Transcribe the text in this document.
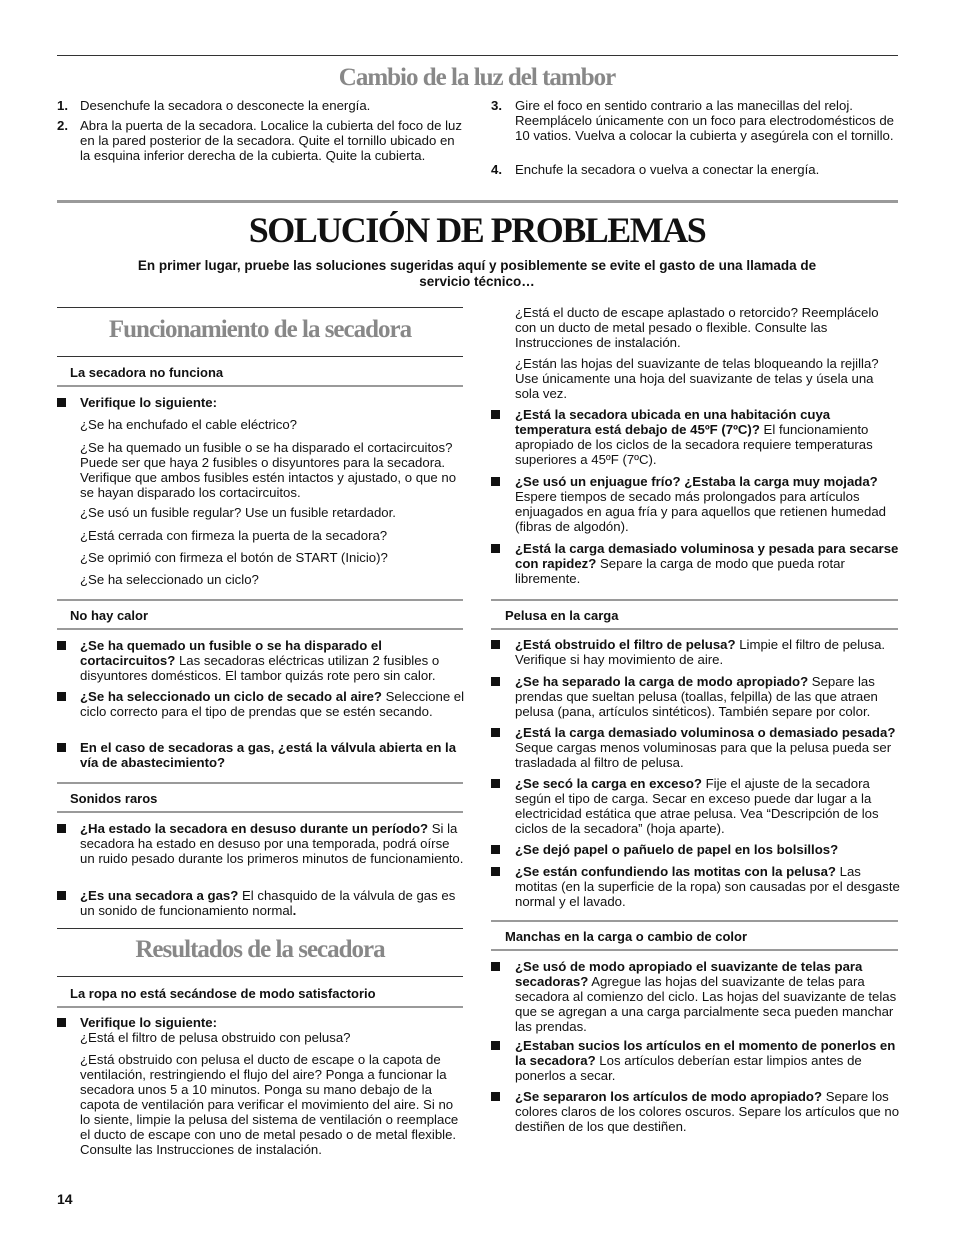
Cambio de la luz del tambor
1. Desenchufe la secadora o desconecte la energía.
2. Abra la puerta de la secadora. Localice la cubierta del foco de luz en la pared posterior de la secadora. Quite el tornillo ubicado en la esquina inferior derecha de la cubierta. Quite la cubierta.
3. Gire el foco en sentido contrario a las manecillas del reloj. Reemplácelo únicamente con un foco para electrodomésticos de 10 vatios. Vuelva a colocar la cubierta y asegúrela con el tornillo.
4. Enchufe la secadora o vuelva a conectar la energía.
SOLUCIÓN DE PROBLEMAS
En primer lugar, pruebe las soluciones sugeridas aquí y posiblemente se evite el gasto de una llamada de servicio técnico…
Funcionamiento de la secadora
La secadora no funciona
Verifique lo siguiente:
¿Se ha enchufado el cable eléctrico?
¿Se ha quemado un fusible o se ha disparado el cortacircuitos? Puede ser que haya 2 fusibles o disyuntores para la secadora. Verifique que ambos fusibles estén intactos y ajustado, o que no se hayan disparado los cortacircuitos.
¿Se usó un fusible regular? Use un fusible retardador.
¿Está cerrada con firmeza la puerta de la secadora?
¿Se oprimió con firmeza el botón de START (Inicio)?
¿Se ha seleccionado un ciclo?
No hay calor
¿Se ha quemado un fusible o se ha disparado el cortacircuitos? Las secadoras eléctricas utilizan 2 fusibles o disyuntores domésticos. El tambor quizás rote pero sin calor.
¿Se ha seleccionado un ciclo de secado al aire? Seleccione el ciclo correcto para el tipo de prendas que se estén secando.
En el caso de secadoras a gas, ¿está la válvula abierta en la vía de abastecimiento?
Sonidos raros
¿Ha estado la secadora en desuso durante un período? Si la secadora ha estado en desuso por una temporada, podrá oírse un ruido pesado durante los primeros minutos de funcionamiento.
¿Es una secadora a gas? El chasquido de la válvula de gas es un sonido de funcionamiento normal.
Resultados de la secadora
La ropa no está secándose de modo satisfactorio
Verifique lo siguiente:
¿Está el filtro de pelusa obstruido con pelusa?
¿Está obstruido con pelusa el ducto de escape o la capota de ventilación, restringiendo el flujo del aire? Ponga a funcionar la secadora unos 5 a 10 minutos. Ponga su mano debajo de la capota de ventilación para verificar el movimiento del aire. Si no lo siente, limpie la pelusa del sistema de ventilación o reemplace el ducto de escape con uno de metal pesado o de metal flexible. Consulte las Instrucciones de instalación.
¿Está el ducto de escape aplastado o retorcido? Reemplácelo con un ducto de metal pesado o flexible. Consulte las Instrucciones de instalación.
¿Están las hojas del suavizante de telas bloqueando la rejilla? Use únicamente una hoja del suavizante de telas y úsela una sola vez.
¿Está la secadora ubicada en una habitación cuya temperatura está debajo de 45ºF (7ºC)? El funcionamiento apropiado de los ciclos de la secadora requiere temperaturas superiores a 45ºF (7ºC).
¿Se usó un enjuague frío? ¿Estaba la carga muy mojada? Espere tiempos de secado más prolongados para artículos enjuagados en agua fría y para aquellos que retienen humedad (fibras de algodón).
¿Está la carga demasiado voluminosa y pesada para secarse con rapidez? Separe la carga de modo que pueda rotar libremente.
Pelusa en la carga
¿Está obstruido el filtro de pelusa? Limpie el filtro de pelusa. Verifique si hay movimiento de aire.
¿Se ha separado la carga de modo apropiado? Separe las prendas que sueltan pelusa (toallas, felpilla) de las que atraen pelusa (pana, artículos sintéticos). También separe por color.
¿Está la carga demasiado voluminosa o demasiado pesada? Seque cargas menos voluminosas para que la pelusa pueda ser trasladada al filtro de pelusa.
¿Se secó la carga en exceso? Fije el ajuste de la secadora según el tipo de carga. Secar en exceso puede dar lugar a la electricidad estática que atrae pelusa. Vea “Descripción de los ciclos de la secadora” (hoja aparte).
¿Se dejó papel o pañuelo de papel en los bolsillos?
¿Se están confundiendo las motitas con la pelusa? Las motitas (en la superficie de la ropa) son causadas por el desgaste normal y el lavado.
Manchas en la carga o cambio de color
¿Se usó de modo apropiado el suavizante de telas para secadoras? Agregue las hojas del suavizante de telas para secadora al comienzo del ciclo. Las hojas del suavizante de telas que se agregan a una carga parcialmente seca pueden manchar las prendas.
¿Estaban sucios los artículos en el momento de ponerlos en la secadora? Los artículos deberían estar limpios antes de ponerlos a secar.
¿Se separaron los artículos de modo apropiado? Separe los colores claros de los colores oscuros. Separe los artículos que no destiñen de los que destiñen.
14
